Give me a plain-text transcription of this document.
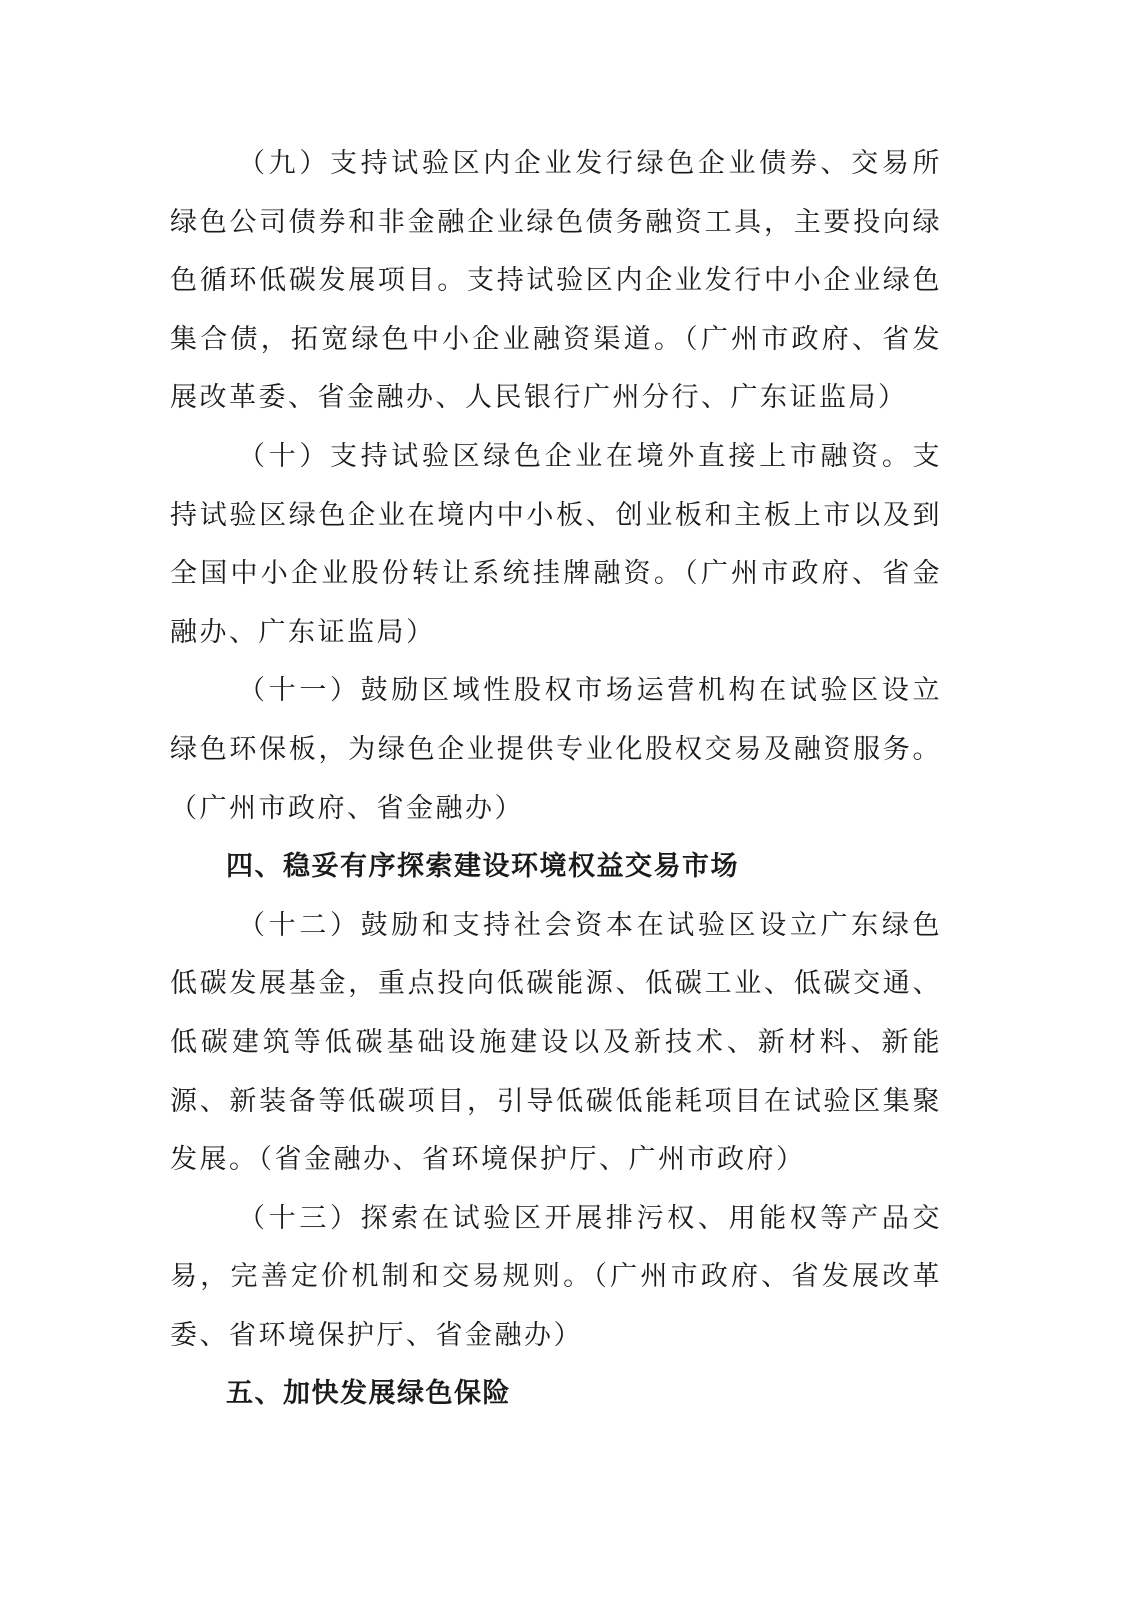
（九）支持试验区内企业发行绿色企业债券、交易所绿色公司债券和非金融企业绿色债务融资工具，主要投向绿色循环低碳发展项目。支持试验区内企业发行中小企业绿色集合债，拓宽绿色中小企业融资渠道。（广州市政府、省发展改革委、省金融办、人民银行广州分行、广东证监局）

（十）支持试验区绿色企业在境外直接上市融资。支持试验区绿色企业在境内中小板、创业板和主板上市以及到全国中小企业股份转让系统挂牌融资。（广州市政府、省金融办、广东证监局）

（十一）鼓励区域性股权市场运营机构在试验区设立绿色环保板，为绿色企业提供专业化股权交易及融资服务。（广州市政府、省金融办）

四、稳妥有序探索建设环境权益交易市场

（十二）鼓励和支持社会资本在试验区设立广东绿色低碳发展基金，重点投向低碳能源、低碳工业、低碳交通、低碳建筑等低碳基础设施建设以及新技术、新材料、新能源、新装备等低碳项目，引导低碳低能耗项目在试验区集聚发展。（省金融办、省环境保护厅、广州市政府）

（十三）探索在试验区开展排污权、用能权等产品交易，完善定价机制和交易规则。（广州市政府、省发展改革委、省环境保护厅、省金融办）

五、加快发展绿色保险
